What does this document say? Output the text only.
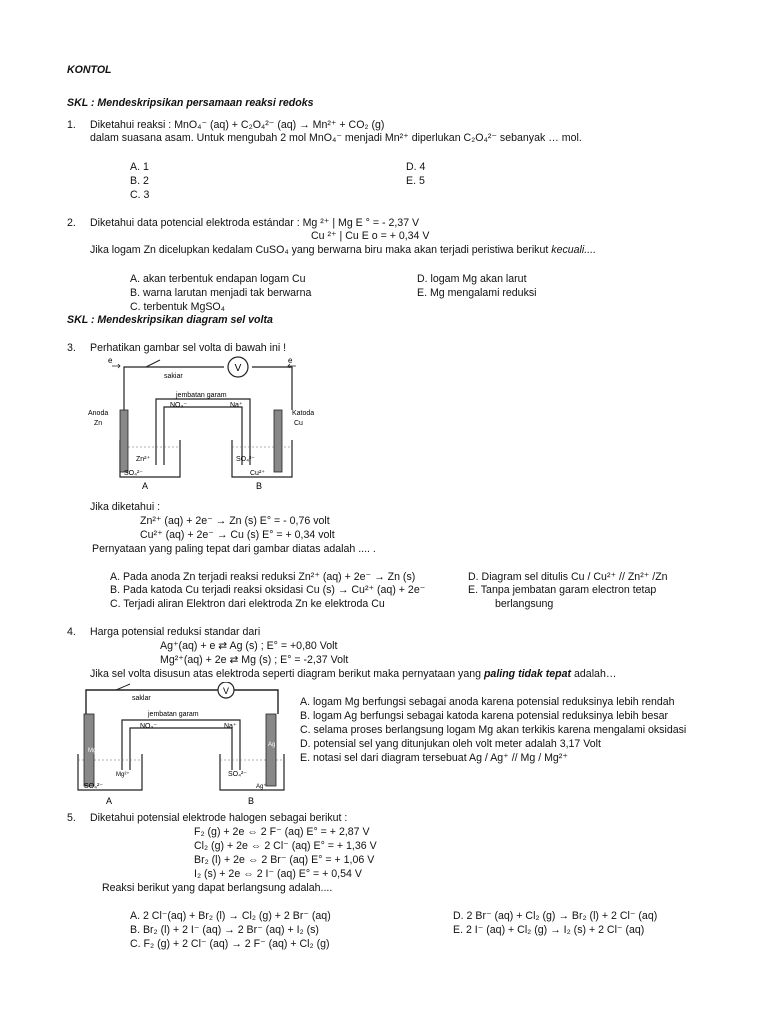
KONTOL
SKL : Mendeskripsikan persamaan reaksi redoks
1. Diketahui reaksi : MnO₄⁻ (aq) + C₂O₄²⁻ (aq) → Mn²⁺ + CO₂ (g)
dalam suasana asam. Untuk mengubah 2 mol MnO₄⁻ menjadi Mn²⁺ diperlukan C₂O₄²⁻ sebanyak … mol.
A. 1
B. 2
C. 3
D. 4
E. 5
2. Diketahui data potencial elektroda estándar : Mg ²⁺ | Mg E ° = - 2,37 V
Cu ²⁺ | Cu E o = + 0,34 V
Jika logam Zn dicelupkan kedalam CuSO₄ yang berwarna biru maka akan terjadi peristiwa berikut kecuali....
A. akan terbentuk endapan logam Cu
B. warna larutan menjadi tak berwarna
C. terbentuk MgSO₄
D. logam Mg akan larut
E. Mg mengalami reduksi
SKL : Mendeskripsikan diagram sel volta
3. Perhatikan gambar sel volta di bawah ini !
V
e	e
sakiar
jembatan garam
NO₃⁻	Na⁺
Anoda
Zn
Katoda
Cu
Zn²⁺
Cu²⁺
SO₄²⁻
SO₄²⁻
A	B
Jika diketahui :
Zn²⁺ (aq) + 2e⁻ → Zn (s) E° = - 0,76 volt
Cu²⁺ (aq) + 2e⁻ → Cu (s) E° = + 0,34 volt
Pernyataan yang paling tepat dari gambar diatas adalah .... .
A. Pada anoda Zn terjadi reaksi reduksi Zn²⁺ (aq) + 2e⁻ → Zn (s)
B. Pada katoda Cu terjadi reaksi oksidasi Cu (s) → Cu²⁺ (aq) + 2e⁻
C. Terjadi aliran Elektron dari elektroda Zn ke elektroda Cu
D. Diagram sel ditulis Cu / Cu²⁺ // Zn²⁺ /Zn
E. Tanpa jembatan garam electron tetap
berlangsung
4. Harga potensial reduksi standar dari
Ag⁺(aq) + e ⇄ Ag (s) ; E° = +0,80 Volt
Mg²⁺(aq) + 2e ⇄ Mg (s) ; E° = -2,37 Volt
Jika sel volta disusun atas elektroda seperti diagram berikut maka pernyataan yang paling tidak tepat adalah…
V
saklar
jembatan garam
NO₃⁻	Na⁺
Mg
Ag
Mg²⁺
SO₄²⁻
SO₄²⁻
Ag⁺
A	B
A. logam Mg berfungsi sebagai anoda karena potensial reduksinya lebih rendah
B. logam Ag berfungsi sebagai katoda karena potensial reduksinya lebih besar
C. selama proses berlangsung logam Mg akan terkikis karena mengalami oksidasi
D. potensial sel yang ditunjukan oleh volt meter adalah 3,17 Volt
E. notasi sel dari diagram tersebuat Ag / Ag⁺ // Mg / Mg²⁺
5. Diketahui potensial elektrode halogen sebagai berikut :
F₂ (g) + 2e ⇔ 2 F⁻ (aq) E° = + 2,87 V
Cl₂ (g) + 2e ⇔ 2 Cl⁻ (aq) E° = + 1,36 V
Br₂ (l) + 2e ⇔ 2 Br⁻ (aq) E° = + 1,06 V
I₂ (s) + 2e ⇔ 2 I⁻ (aq) E° = + 0,54 V
Reaksi berikut yang dapat berlangsung adalah....
A. 2 Cl⁻(aq) + Br₂ (l) → Cl₂ (g) + 2 Br⁻ (aq)
B. Br₂ (l) + 2 I⁻ (aq) → 2 Br⁻ (aq) + I₂ (s)
C. F₂ (g) + 2 Cl⁻ (aq) → 2 F⁻ (aq) + Cl₂ (g)
D. 2 Br⁻ (aq) + Cl₂ (g) → Br₂ (l) + 2 Cl⁻ (aq)
E. 2 I⁻ (aq) + Cl₂ (g) → I₂ (s) + 2 Cl⁻ (aq)
